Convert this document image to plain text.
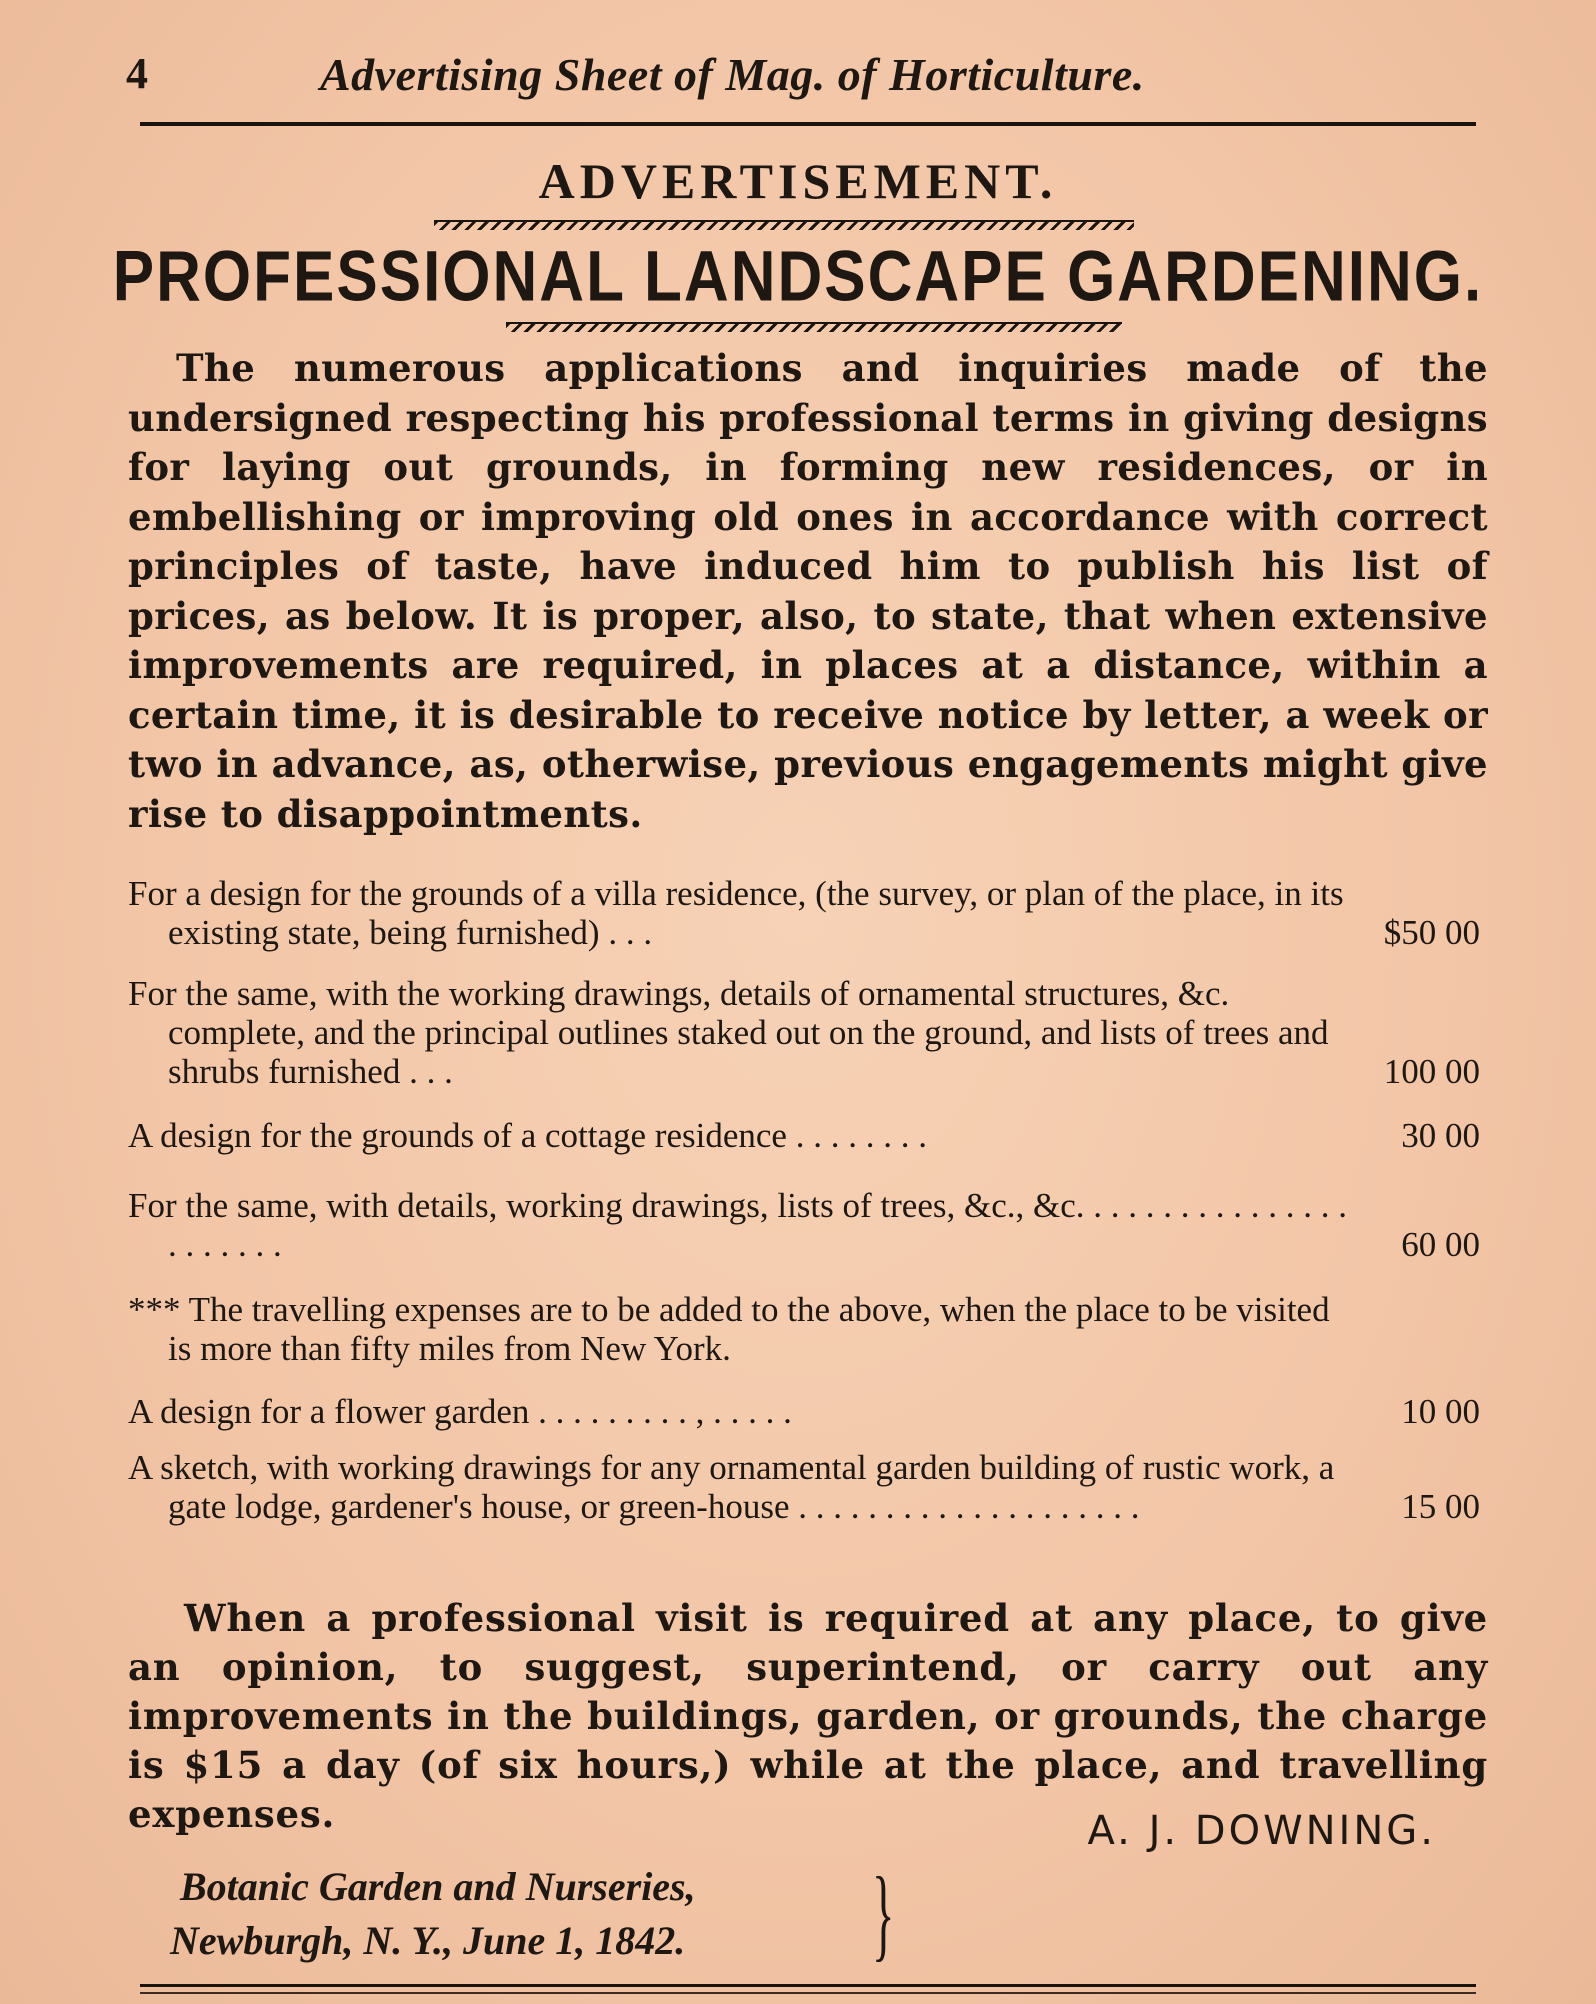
4	Advertising Sheet of Mag. of Horticulture.
ADVERTISEMENT.
PROFESSIONAL LANDSCAPE GARDENING.
The numerous applications and inquiries made of the undersigned respecting his professional terms in giving designs for laying out grounds, in forming new residences, or in embellishing or improving old ones in accordance with correct principles of taste, have induced him to publish his list of prices, as below. It is proper, also, to state, that when extensive improvements are required, in places at a distance, within a certain time, it is desirable to receive notice by letter, a week or two in advance, as, otherwise, previous engagements might give rise to disappointments.
For a design for the grounds of a villa residence, (the survey, or plan of the place, in its existing state, being furnished) . . .	$50 00
For the same, with the working drawings, details of ornamental structures, &c. complete, and the principal outlines staked out on the ground, and lists of trees and shrubs furnished . . .	100 00
A design for the grounds of a cottage residence . . . . . . . .	30 00
For the same, with details, working drawings, lists of trees, &c., &c. . . . . . . . . . . . . . . . . . . . . . .	60 00
*** The travelling expenses are to be added to the above, when the place to be visited is more than fifty miles from New York.
A design for a flower garden . . . . . . . . . , . . . . .	10 00
A sketch, with working drawings for any ornamental garden building of rustic work, a gate lodge, gardener's house, or green-house . . . . . . . . . . . . . . . . . . . .	15 00
When a professional visit is required at any place, to give an opinion, to suggest, superintend, or carry out any improvements in the buildings, garden, or grounds, the charge is $15 a day (of six hours,) while at the place, and travelling expenses.	A. J. DOWNING.
Botanic Garden and Nurseries,
Newburgh, N. Y., June 1, 1842. }
